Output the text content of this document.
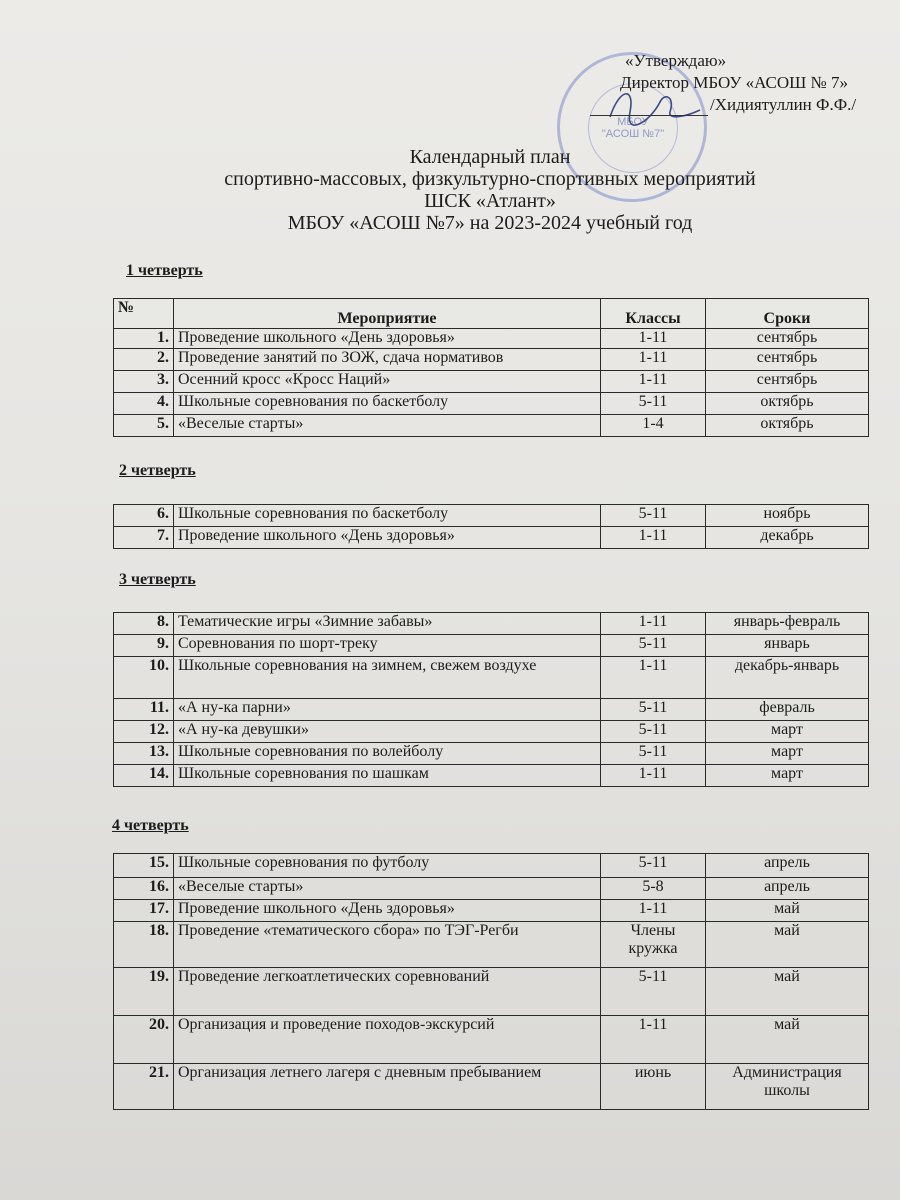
МБОУ
"АСОШ №7"
«Утверждаю»
Директор МБОУ «АСОШ № 7»
/Хидиятуллин Ф.Ф./
Календарный план
спортивно-массовых, физкультурно-спортивных мероприятий
ШСК «Атлант»
МБОУ «АСОШ №7» на 2023-2024 учебный год
1 четверть
№	Мероприятие	Классы	Сроки
1.	Проведение школьного «День здоровья»	1-11	сентябрь
2.	Проведение занятий по ЗОЖ, сдача нормативов	1-11	сентябрь
3.	Осенний кросс «Кросс Наций»	1-11	сентябрь
4.	Школьные соревнования по баскетболу	5-11	октябрь
5.	«Веселые старты»	1-4	октябрь
2 четверть
6.	Школьные соревнования по баскетболу	5-11	ноябрь
7.	Проведение школьного «День здоровья»	1-11	декабрь
3 четверть
8.	Тематические игры «Зимние забавы»	1-11	январь-февраль
9.	Соревнования по шорт-треку	5-11	январь
10.	Школьные соревнования на зимнем, свежем воздухе	1-11	декабрь-январь
11.	«А ну-ка парни»	5-11	февраль
12.	«А ну-ка девушки»	5-11	март
13.	Школьные соревнования по волейболу	5-11	март
14.	Школьные соревнования по шашкам	1-11	март
4 четверть
15.	Школьные соревнования по футболу	5-11	апрель
16.	«Веселые старты»	5-8	апрель
17.	Проведение школьного «День здоровья»	1-11	май
18.	Проведение «тематического сбора» по ТЭГ-Регби	Члены кружка	май
19.	Проведение легкоатлетических соревнований	5-11	май
20.	Организация и проведение походов-экскурсий	1-11	май
21.	Организация летнего лагеря с дневным пребыванием	июнь	Администрация школы
